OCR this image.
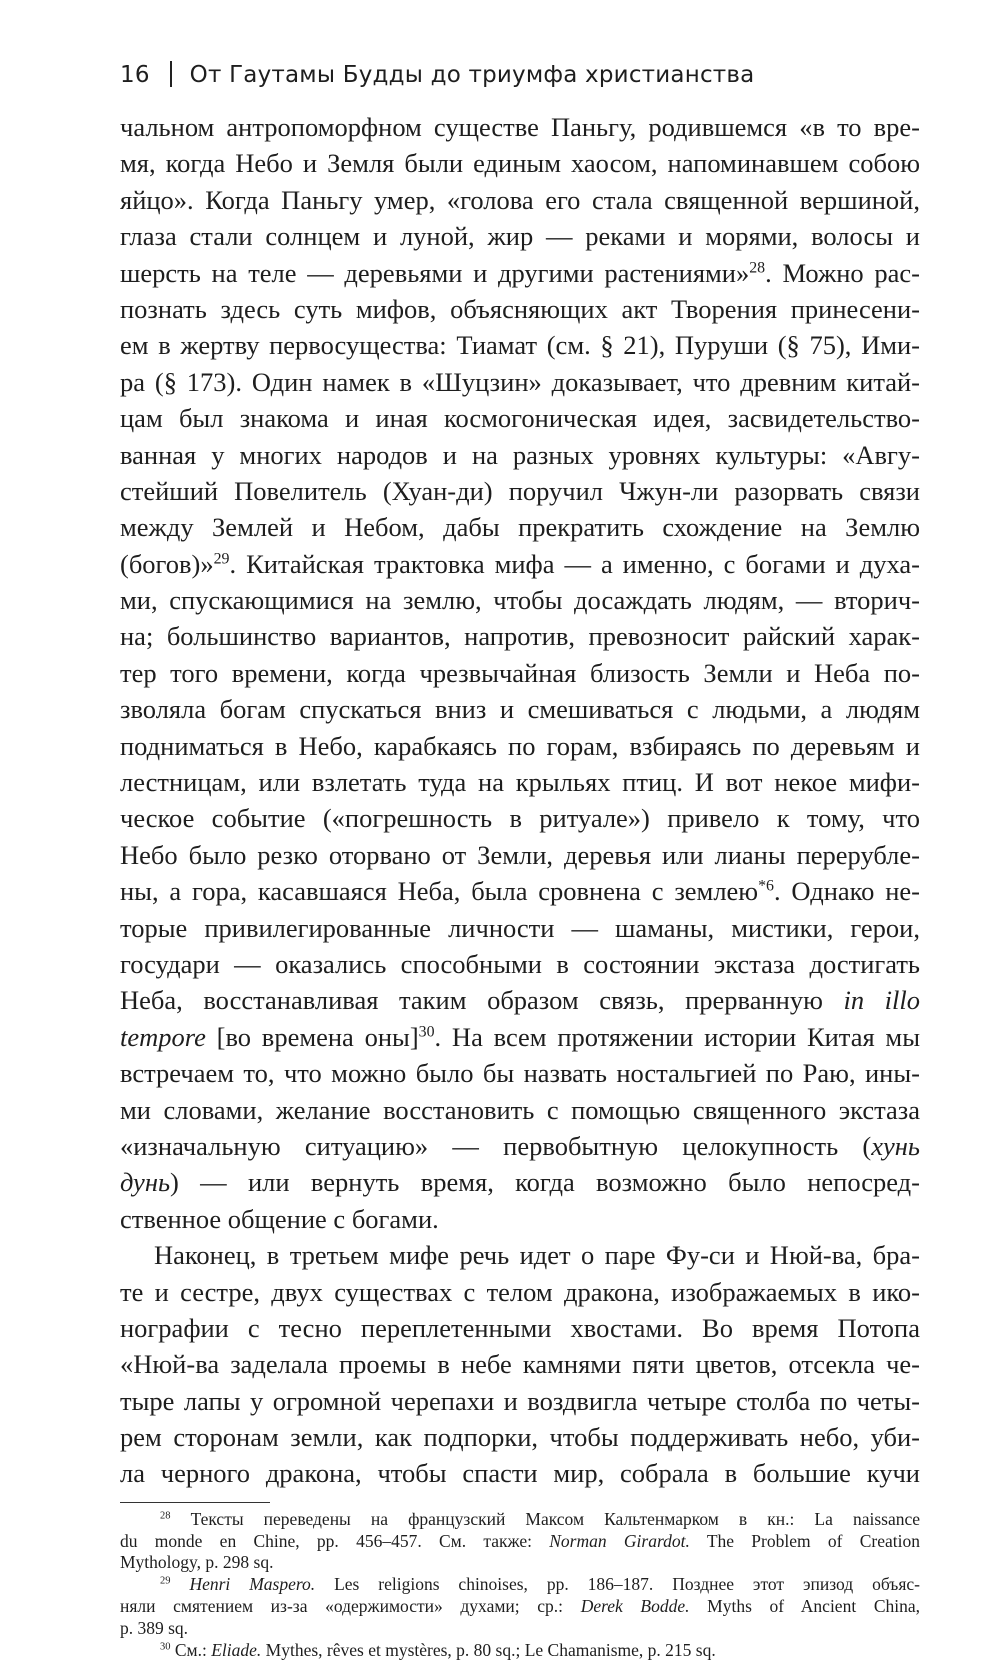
16 От Гаутамы Будды до триумфа христианства
чальном антропоморфном существе Паньгу, родившемся «в то вре-
мя, когда Небо и Земля были единым хаосом, напоминавшем собою
яйцо». Когда Паньгу умер, «голова его стала священной вершиной,
глаза стали солнцем и луной, жир — реками и морями, волосы и
шерсть на теле — деревьями и другими растениями»$^{28}$. Можно рас-
познать здесь суть мифов, объясняющих акт Творения принесени-
ем в жертву первосущества: Тиамат (см. § 21), Пуруши (§ 75), Ими-
ра (§ 173). Один намек в «Шуцзин» доказывает, что древним китай-
цам был знакома и иная космогоническая идея, засвидетельство-
ванная у многих народов и на разных уровнях культуры: «Авгу-
стейший Повелитель (Хуан-ди) поручил Чжун-ли разорвать связи
между Землей и Небом, дабы прекратить схождение на Землю
(богов)»$^{29}$. Китайская трактовка мифа — а именно, с богами и духа-
ми, спускающимися на землю, чтобы досаждать людям, — вторич-
на; большинство вариантов, напротив, превозносит райский харак-
тер того времени, когда чрезвычайная близость Земли и Неба по-
зволяла богам спускаться вниз и смешиваться с людьми, а людям
подниматься в Небо, карабкаясь по горам, взбираясь по деревьям и
лестницам, или взлетать туда на крыльях птиц. И вот некое мифи-
ческое событие («погрешность в ритуале») привело к тому, что
Небо было резко оторвано от Земли, деревья или лианы перерубле-
ны, а гора, касавшаяся Неба, была сровнена с землею$^{*6}$. Однако не-
торые привилегированные личности — шаманы, мистики, герои,
государи — оказались способными в состоянии экстаза достигать
Неба, восстанавливая таким образом связь, прерванную in illo
tempore [во времена оны]$^{30}$. На всем протяжении истории Китая мы
встречаем то, что можно было бы назвать ностальгией по Раю, ины-
ми словами, желание восстановить с помощью священного экстаза
«изначальную ситуацию» — первобытную целокупность (хунь
дунь) — или вернуть время, когда возможно было непосред-
ственное общение с богами.
Наконец, в третьем мифе речь идет о паре Фу-си и Нюй-ва, бра-
те и сестре, двух существах с телом дракона, изображаемых в ико-
нографии с тесно переплетенными хвостами. Во время Потопа
«Нюй-ва заделала проемы в небе камнями пяти цветов, отсекла че-
тыре лапы у огромной черепахи и воздвигла четыре столба по четы-
рем сторонам земли, как подпорки, чтобы поддерживать небо, уби-
ла черного дракона, чтобы спасти мир, собрала в большие кучи
$^{28}$ Тексты переведены на французский Максом Кальтенмарком в кн.: La naissance
du monde en Chine, pp. 456–457. См. также: Norman Girardot. The Problem of Creation
Mythology, p. 298 sq.
$^{29}$ Henri Maspero. Les religions chinoises, pp. 186–187. Позднее этот эпизод объяс-
няли смятением из-за «одержимости» духами; ср.: Derek Bodde. Myths of Ancient China,
p. 389 sq.
$^{30}$ См.: Eliade. Mythes, rêves et mystères, p. 80 sq.; Le Chamanisme, p. 215 sq.
